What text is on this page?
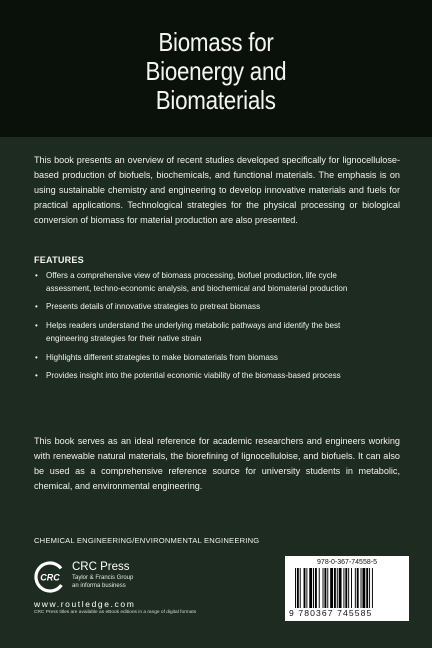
Biomass for
Bioenergy and
Biomaterials

This book presents an overview of recent studies developed specifically for lignocellulose-based production of biofuels, biochemicals, and functional materials. The emphasis is on using sustainable chemistry and engineering to develop innovative materials and fuels for practical applications. Technological strategies for the physical processing or biological conversion of biomass for material production are also presented.

FEATURES
• Offers a comprehensive view of biomass processing, biofuel production, life cycle assessment, techno-economic analysis, and biochemical and biomaterial production
• Presents details of innovative strategies to pretreat biomass
• Helps readers understand the underlying metabolic pathways and identify the best engineering strategies for their native strain
• Highlights different strategies to make biomaterials from biomass
• Provides insight into the potential economic viability of the biomass-based process

This book serves as an ideal reference for academic researchers and engineers working with renewable natural materials, the biorefining of lignocelluloise, and biofuels. It can also be used as a comprehensive reference source for university students in metabolic, chemical, and environmental engineering.

CHEMICAL ENGINEERING/ENVIRONMENTAL ENGINEERING
CRC
CRC Press
Taylor & Francis Group
an informa business
www.routledge.com
CRC Press titles are available as eBook editions in a range of digital formats
978-0-367-74558-5
9 780367 745585
